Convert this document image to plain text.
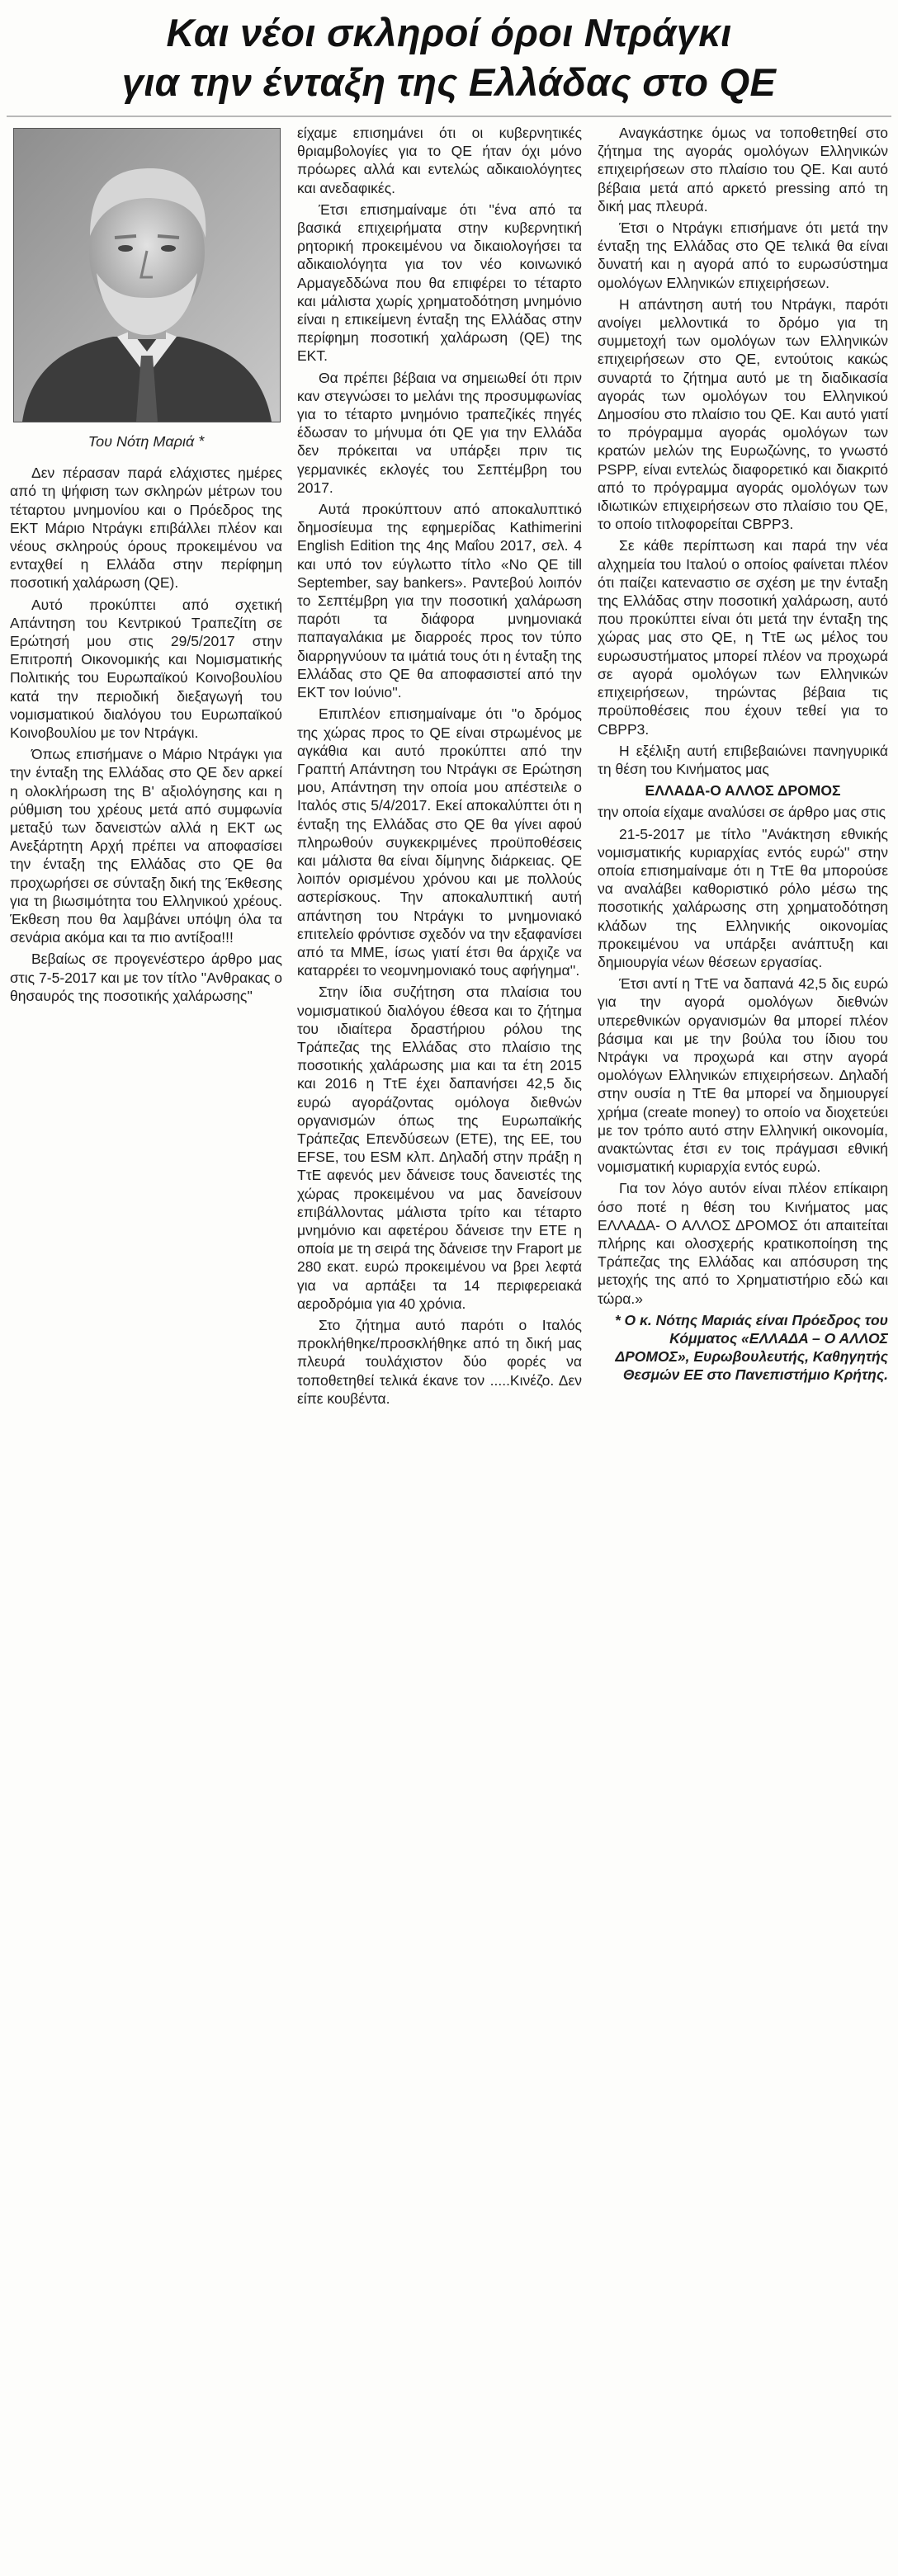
Και νέοι σκληροί όροι Ντράγκι
για την ένταξη της Ελλάδας στο QE
Του Νότη Μαριά *

Δεν πέρασαν παρά ελάχιστες ημέρες από τη ψήφιση των σκληρών μέτρων του τέταρτου μνημονίου και ο Πρόεδρος της ΕΚΤ Μάριο Ντράγκι επιβάλλει πλέον και νέους σκληρούς όρους προκειμένου να ενταχθεί η Ελλάδα στην περίφημη ποσοτική χαλάρωση (QE).

Αυτό προκύπτει από σχετική Απάντηση του Κεντρικού Τραπεζίτη σε Ερώτησή μου στις 29/5/2017 στην Επιτροπή Οικονομικής και Νομισματικής Πολιτικής του Ευρωπαϊκού Κοινοβουλίου κατά την περιοδική διεξαγωγή του νομισματικού διαλόγου του Ευρωπαϊκού Κοινοβουλίου με τον Ντράγκι.

Όπως επισήμανε ο Μάριο Ντράγκι για την ένταξη της Ελλάδας στο QE δεν αρκεί η ολοκλήρωση της Β' αξιολόγησης και η ρύθμιση του χρέους μετά από συμφωνία μεταξύ των δανειστών αλλά η ΕΚΤ ως Ανεξάρτητη Αρχή πρέπει να αποφασίσει την ένταξη της Ελλάδας στο QE θα προχωρήσει σε σύνταξη δική της Έκθεσης για τη βιωσιμότητα του Ελληνικού χρέους. Έκθεση που θα λαμβάνει υπόψη όλα τα σενάρια ακόμα και τα πιο αντίξοα!!!

Βεβαίως σε προγενέστερο άρθρο μας στις 7-5-2017 και με τον τίτλο ''Ανθρακας ο θησαυρός της ποσοτικής χαλάρωσης''

είχαμε επισημάνει ότι οι κυβερνητικές θριαμβολογίες για το QE ήταν όχι μόνο πρόωρες αλλά και εντελώς αδικαιολόγητες και ανεδαφικές.

Έτσι επισημαίναμε ότι ''ένα από τα βασικά επιχειρήματα στην κυβερνητική ρητορική προκειμένου να δικαιολογήσει τα αδικαιολόγητα για τον νέο κοινωνικό Αρμαγεδδώνα που θα επιφέρει το τέταρτο και μάλιστα χωρίς χρηματοδότηση μνημόνιο είναι η επικείμενη ένταξη της Ελλάδας στην περίφημη ποσοτική χαλάρωση (QE) της ΕΚΤ.

Θα πρέπει βέβαια να σημειωθεί ότι πριν καν στεγνώσει το μελάνι της προσυμφωνίας για το τέταρτο μνημόνιο τραπεζίκές πηγές έδωσαν το μήνυμα ότι QE για την Ελλάδα δεν πρόκειται να υπάρξει πριν τις γερμανικές εκλογές του Σεπτέμβρη του 2017.

Αυτά προκύπτουν από αποκαλυπτικό δημοσίευμα της εφημερίδας Kathimerini English Edition της 4ης Μαΐου 2017, σελ. 4 και υπό τον εύγλωττο τίτλο «No QE till September, say bankers». Ραντεβού λοιπόν το Σεπτέμβρη για την ποσοτική χαλάρωση παρότι τα διάφορα μνημονιακά παπαγαλάκια με διαρροές προς τον τύπο διαρρηγνύουν τα ιμάτιά τους ότι η ένταξη της Ελλάδας στο QE θα αποφασιστεί από την ΕΚΤ τον Ιούνιο''.

Επιπλέον επισημαίναμε ότι ''ο δρόμος της χώρας προς το QE είναι στρωμένος με αγκάθια και αυτό προκύπτει από την Γραπτή Απάντηση του Ντράγκι σε Ερώτηση μου, Απάντηση την οποία μου απέστειλε ο Ιταλός στις 5/4/2017. Εκεί αποκαλύπτει ότι η ένταξη της Ελλάδας στο QE θα γίνει αφού πληρωθούν συγκεκριμένες προϋποθέσεις και μάλιστα θα είναι δίμηνης διάρκειας. QE λοιπόν ορισμένου χρόνου και με πολλούς αστερίσκους. Την αποκαλυπτική αυτή απάντηση του Ντράγκι το μνημονιακό επιτελείο φρόντισε σχεδόν να την εξαφανίσει από τα ΜΜΕ, ίσως γιατί έτσι θα άρχιζε να καταρρέει το νεομνημονιακό τους αφήγημα''.

Στην ίδια συζήτηση στα πλαίσια του νομισματικού διαλόγου έθεσα και το ζήτημα του ιδιαίτερα δραστήριου ρόλου της Τράπεζας της Ελλάδας στο πλαίσιο της ποσοτικής χαλάρωσης μια και τα έτη 2015 και 2016 η ΤτΕ έχει δαπανήσει 42,5 δις ευρώ αγοράζοντας ομόλογα διεθνών οργανισμών όπως της Ευρωπαϊκής Τράπεζας Επενδύσεων (ΕΤΕ), της ΕΕ, του EFSE, του ESM κλπ. Δηλαδή στην πράξη η ΤτΕ αφενός μεν δάνεισε τους δανειστές της χώρας προκειμένου να μας δανείσουν επιβάλλοντας μάλιστα τρίτο και τέταρτο μνημόνιο και αφετέρου δάνεισε την ΕΤΕ η οποία με τη σειρά της δάνεισε την Fraport με 280 εκατ. ευρώ προκειμένου να βρει λεφτά για να αρπάξει τα 14 περιφερειακά αεροδρόμια για 40 χρόνια.

Στο ζήτημα αυτό παρότι ο Ιταλός προκλήθηκε/προσκλήθηκε από τη δική μας πλευρά τουλάχιστον δύο φορές να τοποθετηθεί τελικά έκανε τον .....Κινέζο. Δεν είπε κουβέντα.

Αναγκάστηκε όμως να τοποθετηθεί στο ζήτημα της αγοράς ομολόγων Ελληνικών επιχειρήσεων στο πλαίσιο του QE. Και αυτό βέβαια μετά από αρκετό pressing από τη δική μας πλευρά.

Έτσι ο Ντράγκι επισήμανε ότι μετά την ένταξη της Ελλάδας στο QE τελικά θα είναι δυνατή και η αγορά από το ευρωσύστημα ομολόγων Ελληνικών επιχειρήσεων.

Η απάντηση αυτή του Ντράγκι, παρότι ανοίγει μελλοντικά το δρόμο για τη συμμετοχή των ομολόγων των Ελληνικών επιχειρήσεων στο QE, εντούτοις κακώς συναρτά το ζήτημα αυτό με τη διαδικασία αγοράς των ομολόγων του Ελληνικού Δημοσίου στο πλαίσιο του QE. Και αυτό γιατί το πρόγραμμα αγοράς ομολόγων των κρατών μελών της Ευρωζώνης, το γνωστό PSPP, είναι εντελώς διαφορετικό και διακριτό από το πρόγραμμα αγοράς ομολόγων των ιδιωτικών επιχειρήσεων στο πλαίσιο του QE, το οποίο τιτλοφορείται CBPP3.

Σε κάθε περίπτωση και παρά την νέα αλχημεία του Ιταλού ο οποίος φαίνεται πλέον ότι παίζει κατεναστιο σε σχέση με την ένταξη της Ελλάδας στην ποσοτική χαλάρωση, αυτό που προκύπτει είναι ότι μετά την ένταξη της χώρας μας στο QE, η ΤτΕ ως μέλος του ευρωσυστήματος μπορεί πλέον να προχωρά σε αγορά ομολόγων των Ελληνικών επιχειρήσεων, τηρώντας βέβαια τις προϋποθέσεις που έχουν τεθεί για το CBPP3.

Η εξέλιξη αυτή επιβεβαιώνει πανηγυρικά τη θέση του Κινήματος μας

ΕΛΛΑΔΑ-Ο ΑΛΛΟΣ ΔΡΟΜΟΣ

την οποία είχαμε αναλύσει σε άρθρο μας στις

21-5-2017 με τίτλο ''Ανάκτηση εθνικής νομισματικής κυριαρχίας εντός ευρώ'' στην οποία επισημαίναμε ότι η ΤτΕ θα μπορούσε να αναλάβει καθοριστικό ρόλο μέσω της ποσοτικής χαλάρωσης στη χρηματοδότηση κλάδων της Ελληνικής οικονομίας προκειμένου να υπάρξει ανάπτυξη και δημιουργία νέων θέσεων εργασίας.

Έτσι αντί η ΤτΕ να δαπανά 42,5 δις ευρώ για την αγορά ομολόγων διεθνών υπερεθνικών οργανισμών θα μπορεί πλέον βάσιμα και με την βούλα του ίδιου του Ντράγκι να προχωρά και στην αγορά ομολόγων Ελληνικών επιχειρήσεων. Δηλαδή στην ουσία η ΤτΕ θα μπορεί να δημιουργεί χρήμα (create money) το οποίο να διοχετεύει με τον τρόπο αυτό στην Ελληνική οικονομία, ανακτώντας έτσι εν τοις πράγμασι εθνική νομισματική κυριαρχία εντός ευρώ.

Για τον λόγο αυτόν είναι πλέον επίκαιρη όσο ποτέ η θέση του Κινήματος μας ΕΛΛΑΔΑ- Ο ΑΛΛΟΣ ΔΡΟΜΟΣ ότι απαιτείται πλήρης και ολοσχερής κρατικοποίηση της Τράπεζας της Ελλάδας και απόσυρση της μετοχής της από το Χρηματιστήριο εδώ και τώρα.»

* Ο κ. Νότης Μαριάς είναι Πρόεδρος του Κόμματος «ΕΛΛΑΔΑ – Ο ΑΛΛΟΣ ΔΡΟΜΟΣ», Ευρωβουλευτής, Καθηγητής Θεσμών ΕΕ στο Πανεπιστήμιο Κρήτης.
